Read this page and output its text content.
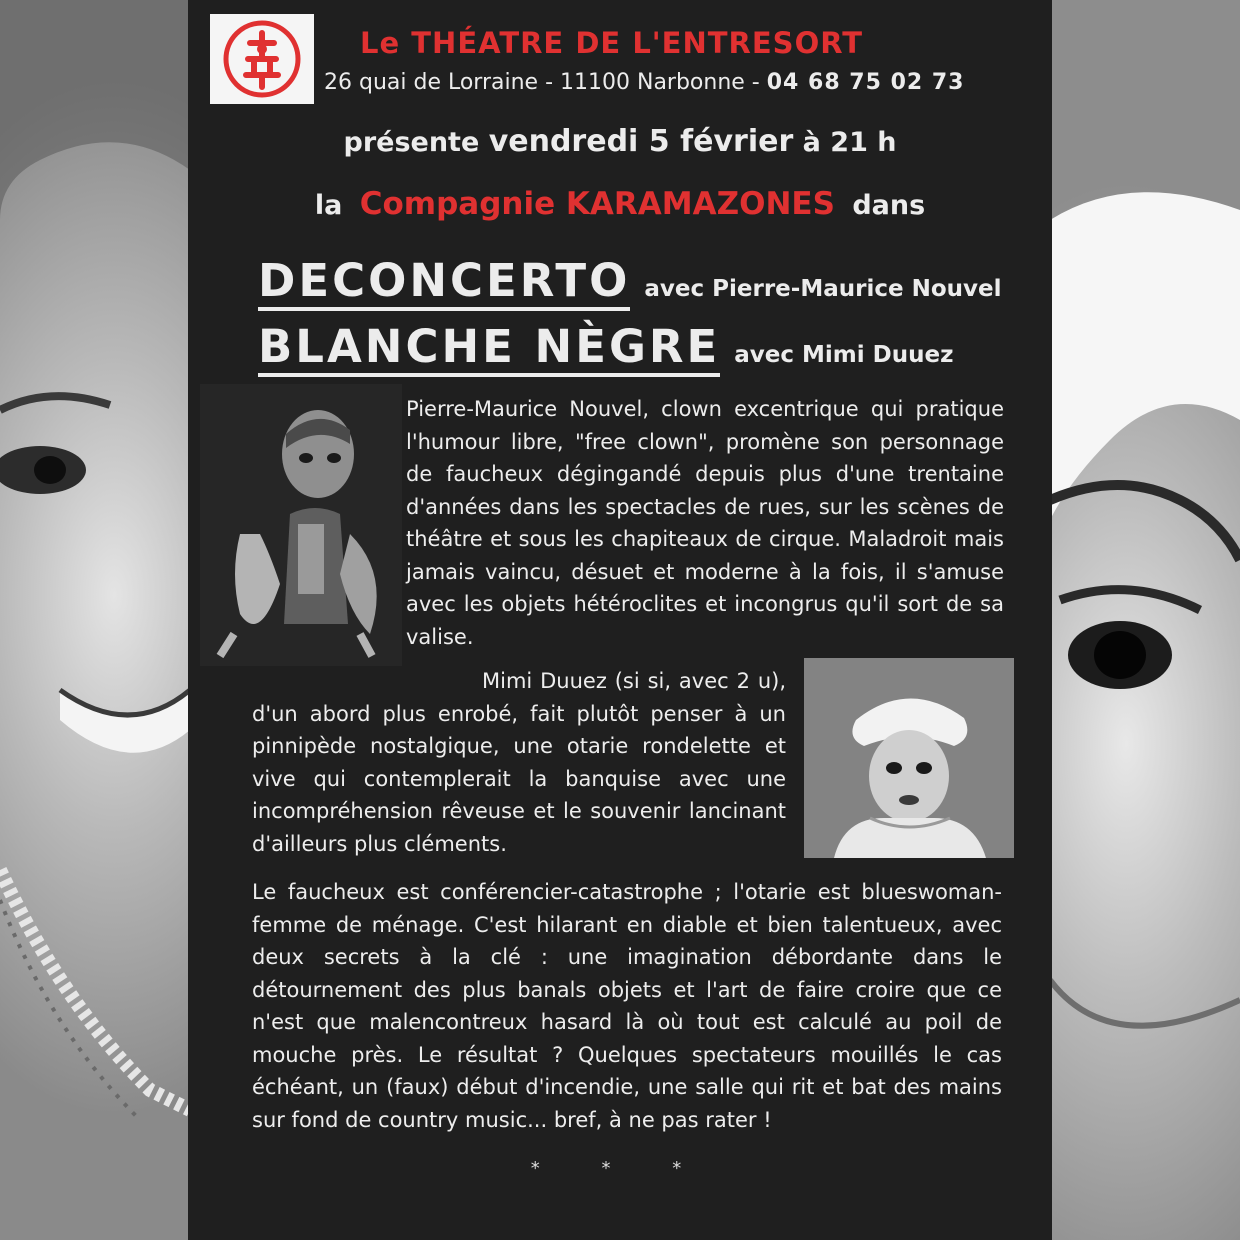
Le THÉATRE DE L'ENTRESORT
26 quai de Lorraine - 11100 Narbonne - 04 68 75 02 73
présente vendredi 5 février à 21 h
la Compagnie KARAMAZONES dans
DECONCERTO avec Pierre-Maurice Nouvel
BLANCHE NÈGRE avec Mimi Duuez
Pierre-Maurice Nouvel, clown excentrique qui pratique l'humour libre, "free clown", promène son personnage de faucheux dégingandé depuis plus d'une trentaine d'années dans les spectacles de rues, sur les scènes de théâtre et sous les chapiteaux de cirque. Maladroit mais jamais vaincu, désuet et moderne à la fois, il s'amuse avec les objets hétéroclites et incongrus qu'il sort de sa valise.
Mimi Duuez (si si, avec 2 u), d'un abord plus enrobé, fait plutôt penser à un pinnipède nostalgique, une otarie rondelette et vive qui contemplerait la banquise avec une incompréhension rêveuse et le souvenir lancinant d'ailleurs plus cléments.
Le faucheux est conférencier-catastrophe ; l'otarie est blueswoman-femme de ménage. C'est hilarant en diable et bien talentueux, avec deux secrets à la clé : une imagination débordante dans le détournement des plus banals objets et l'art de faire croire que ce n'est que malencontreux hasard là où tout est calculé au poil de mouche près. Le résultat ? Quelques spectateurs mouillés le cas échéant, un (faux) début d'incendie, une salle qui rit et bat des mains sur fond de country music... bref, à ne pas rater !
* * *
